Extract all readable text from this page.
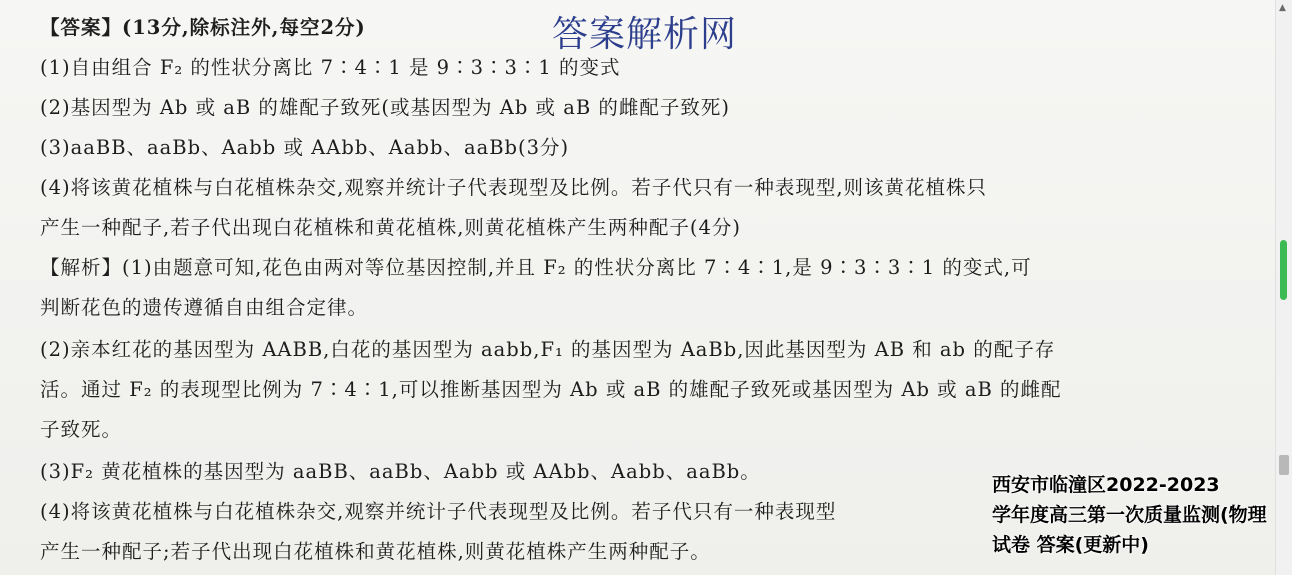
答案解析网
【答案】(13分,除标注外,每空2分)
(1)自由组合 F₂ 的性状分离比 7∶4∶1 是 9∶3∶3∶1 的变式
(2)基因型为 Ab 或 aB 的雄配子致死(或基因型为 Ab 或 aB 的雌配子致死)
(3)aaBB、aaBb、Aabb 或 AAbb、Aabb、aaBb(3分)
(4)将该黄花植株与白花植株杂交,观察并统计子代表现型及比例。若子代只有一种表现型,则该黄花植株只
产生一种配子,若子代出现白花植株和黄花植株,则黄花植株产生两种配子(4分)
【解析】(1)由题意可知,花色由两对等位基因控制,并且 F₂ 的性状分离比 7∶4∶1,是 9∶3∶3∶1 的变式,可
判断花色的遗传遵循自由组合定律。
(2)亲本红花的基因型为 AABB,白花的基因型为 aabb,F₁ 的基因型为 AaBb,因此基因型为 AB 和 ab 的配子存
活。通过 F₂ 的表现型比例为 7∶4∶1,可以推断基因型为 Ab 或 aB 的雄配子致死或基因型为 Ab 或 aB 的雌配
子致死。
(3)F₂ 黄花植株的基因型为 aaBB、aaBb、Aabb 或 AAbb、Aabb、aaBb。
(4)将该黄花植株与白花植株杂交,观察并统计子代表现型及比例。若子代只有一种表现型
产生一种配子;若子代出现白花植株和黄花植株,则黄花植株产生两种配子。
西安市临潼区2022-2023
学年度高三第一次质量监测(物理
试卷 答案(更新中)
▲
